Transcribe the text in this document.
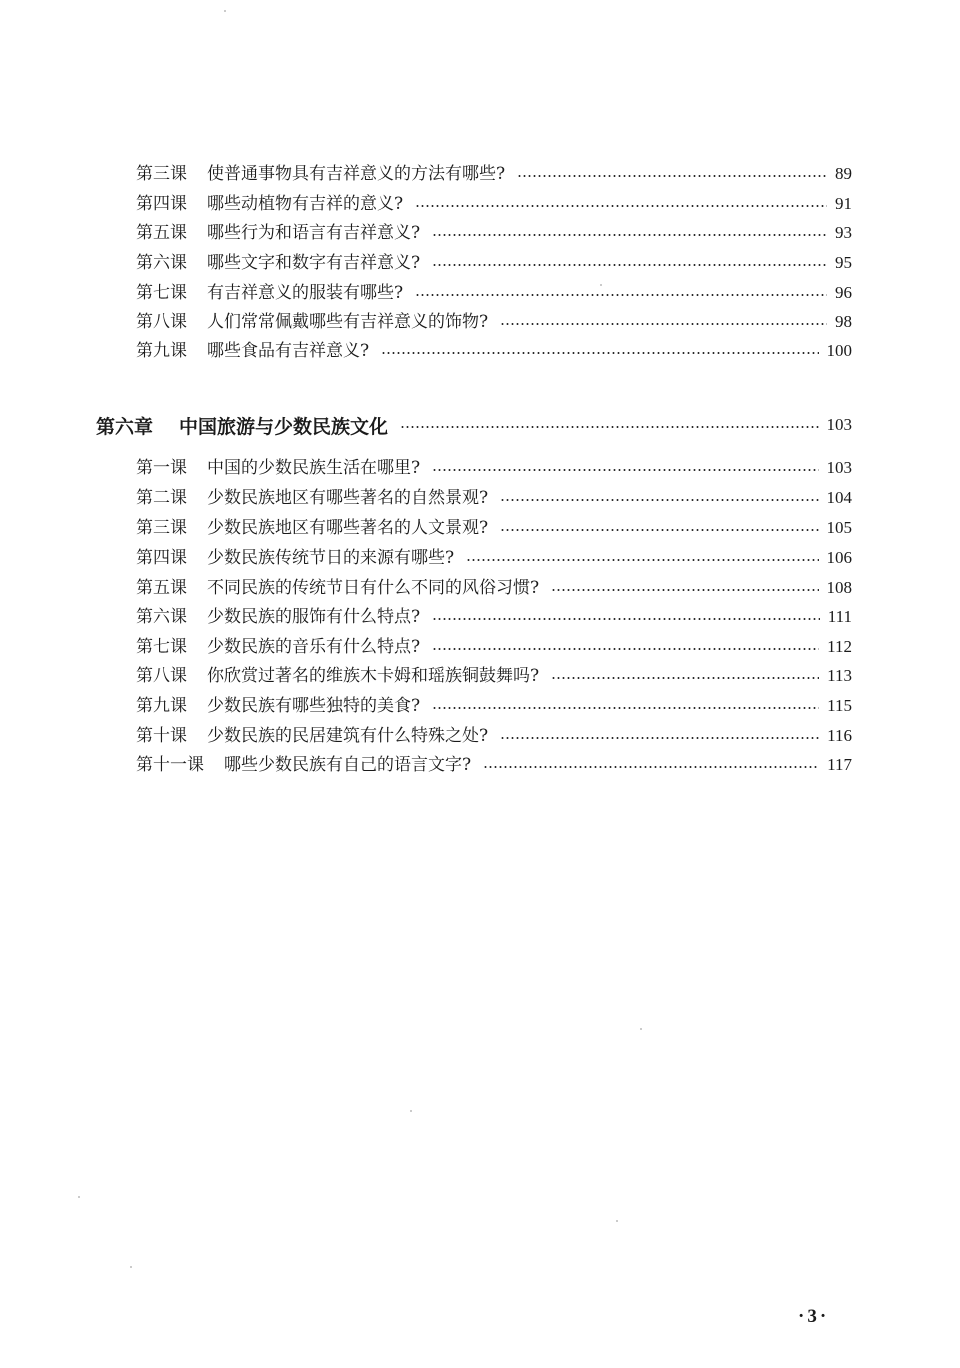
第三课 使普通事物具有吉祥意义的方法有哪些?	89
第四课 哪些动植物有吉祥的意义?	91
第五课 哪些行为和语言有吉祥意义?	93
第六课 哪些文字和数字有吉祥意义?	95
第七课 有吉祥意义的服装有哪些?	96
第八课 人们常常佩戴哪些有吉祥意义的饰物?	98
第九课 哪些食品有吉祥意义?	100
第六章 中国旅游与少数民族文化	103
第一课 中国的少数民族生活在哪里?	103
第二课 少数民族地区有哪些著名的自然景观?	104
第三课 少数民族地区有哪些著名的人文景观?	105
第四课 少数民族传统节日的来源有哪些?	106
第五课 不同民族的传统节日有什么不同的风俗习惯?	108
第六课 少数民族的服饰有什么特点?	111
第七课 少数民族的音乐有什么特点?	112
第八课 你欣赏过著名的维族木卡姆和瑶族铜鼓舞吗?	113
第九课 少数民族有哪些独特的美食?	115
第十课 少数民族的民居建筑有什么特殊之处?	116
第十一课 哪些少数民族有自己的语言文字?	117
·3·
